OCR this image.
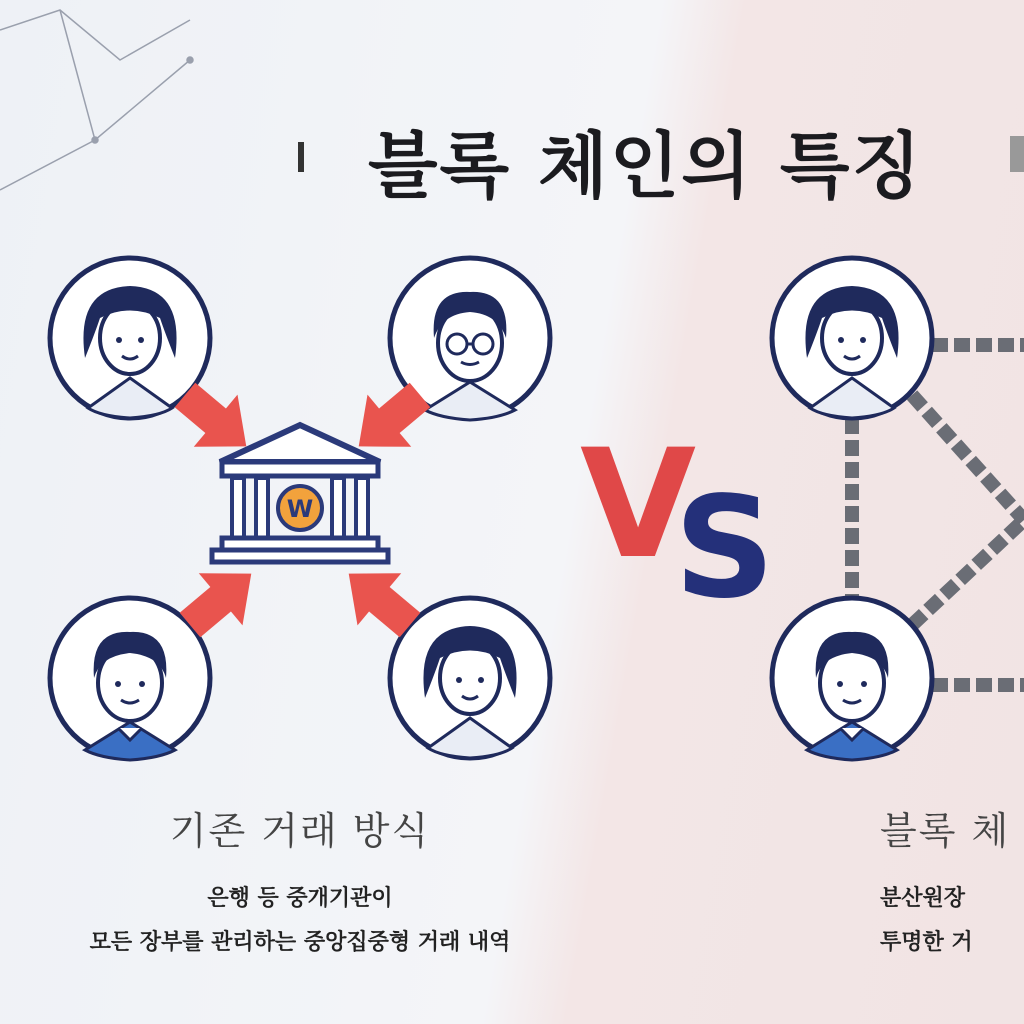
블록 체인의 특징
W VS
기존 거래 방식
은행 등 중개기관이
모든 장부를 관리하는 중앙집중형 거래 내역
블록 체
분산원장
투명한 거
